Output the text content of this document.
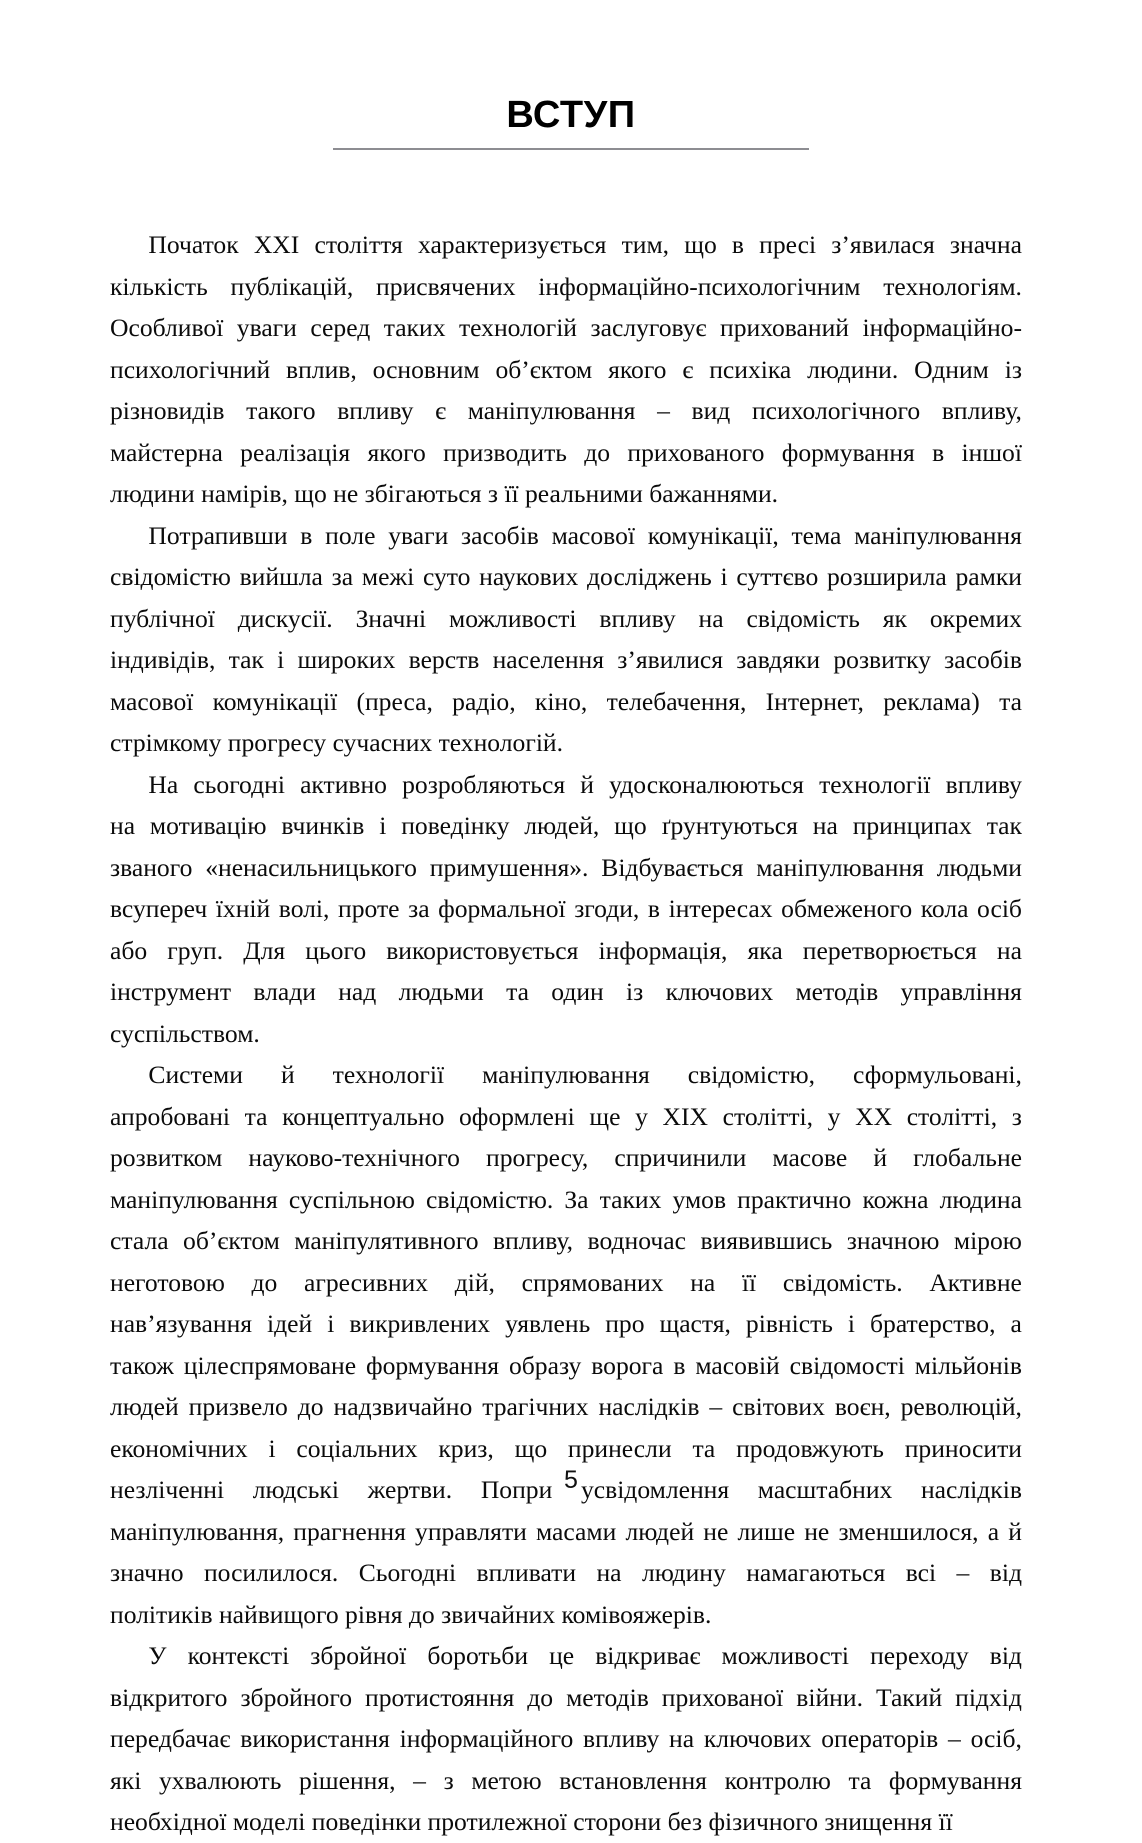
ВСТУП

Початок XXI століття характеризується тим, що в пресі з’явилася значна
кількість публікацій, присвячених інформаційно-психологічним технологіям.
Особливої уваги серед таких технологій заслуговує прихований інформаційно-
психологічний вплив, основним об’єктом якого є психіка людини. Одним із
різновидів такого впливу є маніпулювання – вид психологічного впливу,
майстерна реалізація якого призводить до прихованого формування в іншої
людини намірів, що не збігаються з її реальними бажаннями.

Потрапивши в поле уваги засобів масової комунікації, тема маніпулювання
свідомістю вийшла за межі суто наукових досліджень і суттєво розширила рамки
публічної дискусії. Значні можливості впливу на свідомість як окремих
індивідів, так і широких верств населення з’явилися завдяки розвитку засобів
масової комунікації (преса, радіо, кіно, телебачення, Інтернет, реклама) та
стрімкому прогресу сучасних технологій.

На сьогодні активно розробляються й удосконалюються технології впливу
на мотивацію вчинків і поведінку людей, що ґрунтуються на принципах так
званого «ненасильницького примушення». Відбувається маніпулювання людьми
всупереч їхній волі, проте за формальної згоди, в інтересах обмеженого кола осіб
або груп. Для цього використовується інформація, яка перетворюється на
інструмент влади над людьми та один із ключових методів управління
суспільством.

Системи й технології маніпулювання свідомістю, сформульовані,
апробовані та концептуально оформлені ще у XIX столітті, у XX столітті, з
розвитком науково-технічного прогресу, спричинили масове й глобальне
маніпулювання суспільною свідомістю. За таких умов практично кожна людина
стала об’єктом маніпулятивного впливу, водночас виявившись значною мірою
неготовою до агресивних дій, спрямованих на її свідомість. Активне
нав’язування ідей і викривлених уявлень про щастя, рівність і братерство, а
також цілеспрямоване формування образу ворога в масовій свідомості мільйонів
людей призвело до надзвичайно трагічних наслідків – світових воєн, революцій,
економічних і соціальних криз, що принесли та продовжують приносити
незліченні людські жертви. Попри усвідомлення масштабних наслідків
маніпулювання, прагнення управляти масами людей не лише не зменшилося, а й
значно посилилося. Сьогодні впливати на людину намагаються всі – від
політиків найвищого рівня до звичайних комівояжерів.

У контексті збройної боротьби це відкриває можливості переходу від
відкритого збройного протистояння до методів прихованої війни. Такий підхід
передбачає використання інформаційного впливу на ключових операторів – осіб,
які ухвалюють рішення, – з метою встановлення контролю та формування
необхідної моделі поведінки протилежної сторони без фізичного знищення її

5
